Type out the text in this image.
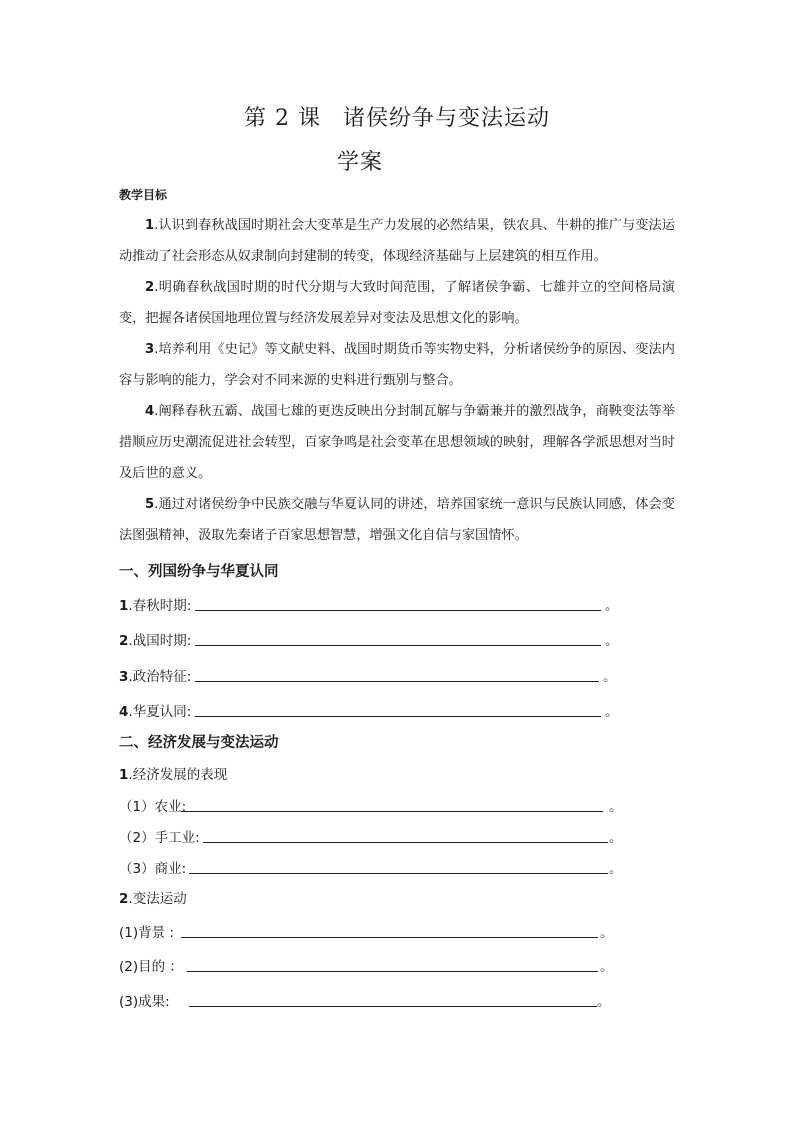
第 2 课 诸侯纷争与变法运动
学案
教学目标
1.认识到春秋战国时期社会大变革是生产力发展的必然结果，铁农具、牛耕的推广与变法运动推动了社会形态从奴隶制向封建制的转变，体现经济基础与上层建筑的相互作用。
2.明确春秋战国时期的时代分期与大致时间范围，了解诸侯争霸、七雄并立的空间格局演变，把握各诸侯国地理位置与经济发展差异对变法及思想文化的影响。
3.培养利用《史记》等文献史料、战国时期货币等实物史料，分析诸侯纷争的原因、变法内容与影响的能力，学会对不同来源的史料进行甄别与整合。
4.阐释春秋五霸、战国七雄的更迭反映出分封制瓦解与争霸兼并的激烈战争，商鞅变法等举措顺应历史潮流促进社会转型，百家争鸣是社会变革在思想领域的映射，理解各学派思想对当时及后世的意义。
5.通过对诸侯纷争中民族交融与华夏认同的讲述，培养国家统一意识与民族认同感，体会变法图强精神，汲取先秦诸子百家思想智慧，增强文化自信与家国情怀。
一、列国纷争与华夏认同
1.春秋时期:	。
2.战国时期:	。
3.政治特征:	。
4.华夏认同:	。
二、经济发展与变法运动
1.经济发展的表现
（1）农业:	。
（2）手工业:	。
（3）商业:	。
2.变法运动
(1)背景 :	。
(2)目的 ：	。
(3)成果:	。
